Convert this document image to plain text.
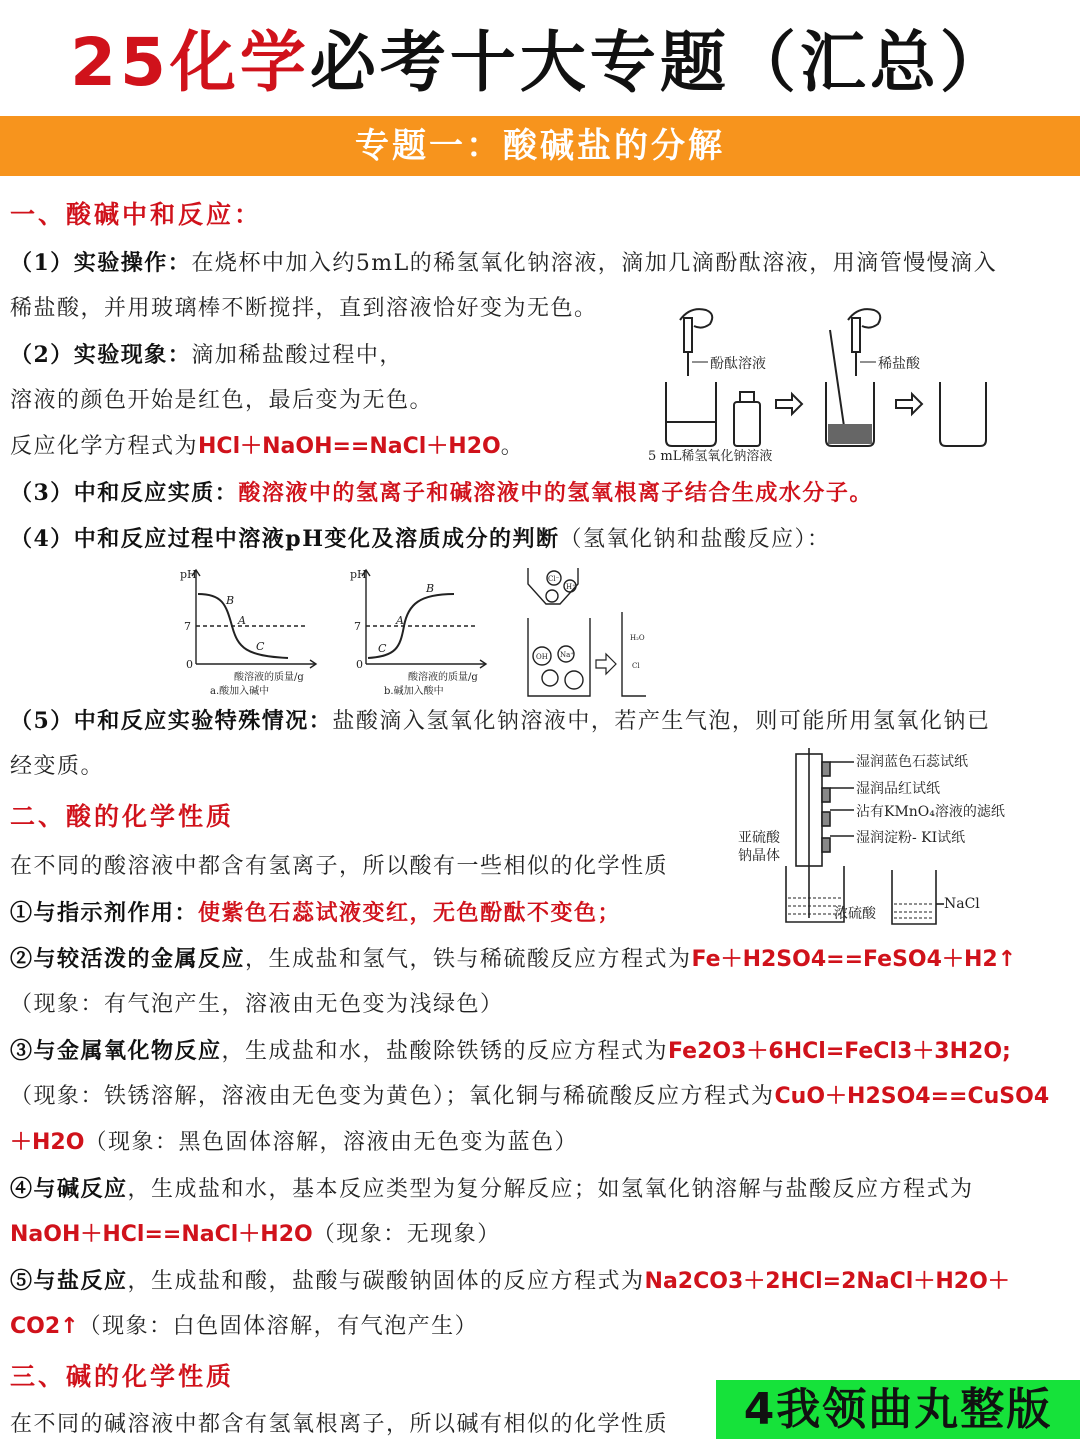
25化学必考十大专题（汇总）
专题一：酸碱盐的分解
一、酸碱中和反应：
（1）实验操作：在烧杯中加入约5mL的稀氢氧化钠溶液，滴加几滴酚酞溶液，用滴管慢慢滴入
稀盐酸，并用玻璃棒不断搅拌，直到溶液恰好变为无色。
（2）实验现象：滴加稀盐酸过程中，
溶液的颜色开始是红色，最后变为无色。
反应化学方程式为HCl＋NaOH==NaCl＋H2O。
（3）中和反应实质：酸溶液中的氢离子和碱溶液中的氢氧根离子结合生成水分子。
（4）中和反应过程中溶液pH变化及溶质成分的判断（氢氧化钠和盐酸反应）：
酚酞溶液	稀盐酸
5 mL稀氢氧化钠溶液
pH
7
0
B
A
C
酸溶液的质量/g
a.酸加入碱中
pH
7
0
B
A
C
酸溶液的质量/g
b.碱加入酸中
Cl⁻
H⁺
OH Na⁺
H₂O
Cl
（5）中和反应实验特殊情况：盐酸滴入氢氧化钠溶液中，若产生气泡，则可能所用氢氧化钠已
经变质。	湿润蓝色石蕊试纸
湿润品红试纸
沾有KMnO₄溶液的滤纸
湿润淀粉- KI试纸
亚硫酸
钠晶体
浓硫酸
NaCl
二、酸的化学性质
在不同的酸溶液中都含有氢离子，所以酸有一些相似的化学性质
①与指示剂作用：使紫色石蕊试液变红，无色酚酞不变色；
②与较活泼的金属反应，生成盐和氢气，铁与稀硫酸反应方程式为Fe＋H2SO4==FeSO4＋H2↑
（现象：有气泡产生，溶液由无色变为浅绿色）
③与金属氧化物反应，生成盐和水，盐酸除铁锈的反应方程式为Fe2O3＋6HCl=FeCl3＋3H2O;
（现象：铁锈溶解，溶液由无色变为黄色）；氧化铜与稀硫酸反应方程式为CuO＋H2SO4==CuSO4
＋H2O（现象：黑色固体溶解，溶液由无色变为蓝色）
④与碱反应，生成盐和水，基本反应类型为复分解反应；如氢氧化钠溶解与盐酸反应方程式为
NaOH＋HCl==NaCl＋H2O（现象：无现象）
⑤与盐反应，生成盐和酸，盐酸与碳酸钠固体的反应方程式为Na2CO3＋2HCl=2NaCl＋H2O＋
CO2↑（现象：白色固体溶解，有气泡产生）
三、碱的化学性质
在不同的碱溶液中都含有氢氧根离子，所以碱有相似的化学性质	4我领曲丸整版
